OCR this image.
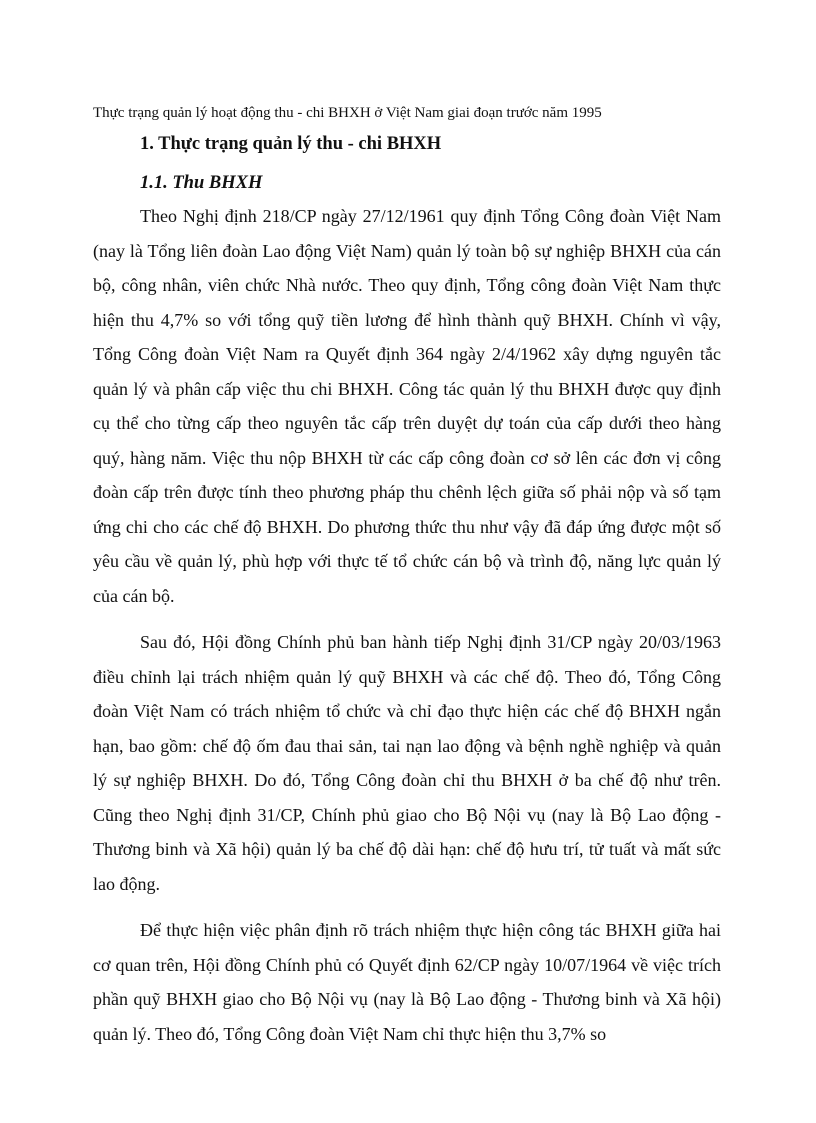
Thực trạng quản lý hoạt động thu - chi BHXH ở Việt Nam giai đoạn trước năm 1995
1. Thực trạng quản lý thu - chi BHXH
1.1. Thu BHXH

Theo Nghị định 218/CP ngày 27/12/1961 quy định Tổng Công đoàn Việt Nam (nay là Tổng liên đoàn Lao động Việt Nam) quản lý toàn bộ sự nghiệp BHXH của cán bộ, công nhân, viên chức Nhà nước. Theo quy định, Tổng công đoàn Việt Nam thực hiện thu 4,7% so với tổng quỹ tiền lương để hình thành quỹ BHXH. Chính vì vậy, Tổng Công đoàn Việt Nam ra Quyết định 364 ngày 2/4/1962 xây dựng nguyên tắc quản lý và phân cấp việc thu chi BHXH. Công tác quản lý thu BHXH được quy định cụ thể cho từng cấp theo nguyên tắc cấp trên duyệt dự toán của cấp dưới theo hàng quý, hàng năm. Việc thu nộp BHXH từ các cấp công đoàn cơ sở lên các đơn vị công đoàn cấp trên được tính theo phương pháp thu chênh lệch giữa số phải nộp và số tạm ứng chi cho các chế độ BHXH. Do phương thức thu như vậy đã đáp ứng được một số yêu cầu về quản lý, phù hợp với thực tế tổ chức cán bộ và trình độ, năng lực quản lý của cán bộ.

Sau đó, Hội đồng Chính phủ ban hành tiếp Nghị định 31/CP ngày 20/03/1963 điều chỉnh lại trách nhiệm quản lý quỹ BHXH và các chế độ. Theo đó, Tổng Công đoàn Việt Nam có trách nhiệm tổ chức và chỉ đạo thực hiện các chế độ BHXH ngắn hạn, bao gồm: chế độ ốm đau thai sản, tai nạn lao động và bệnh nghề nghiệp và quản lý sự nghiệp BHXH. Do đó, Tổng Công đoàn chỉ thu BHXH ở ba chế độ như trên. Cũng theo Nghị định 31/CP, Chính phủ giao cho Bộ Nội vụ (nay là Bộ Lao động - Thương binh và Xã hội) quản lý ba chế độ dài hạn: chế độ hưu trí, tử tuất và mất sức lao động.

Để thực hiện việc phân định rõ trách nhiệm thực hiện công tác BHXH giữa hai cơ quan trên, Hội đồng Chính phủ có Quyết định 62/CP ngày 10/07/1964 về việc trích phần quỹ BHXH giao cho Bộ Nội vụ (nay là Bộ Lao động - Thương binh và Xã hội) quản lý. Theo đó, Tổng Công đoàn Việt Nam chỉ thực hiện thu 3,7% so
